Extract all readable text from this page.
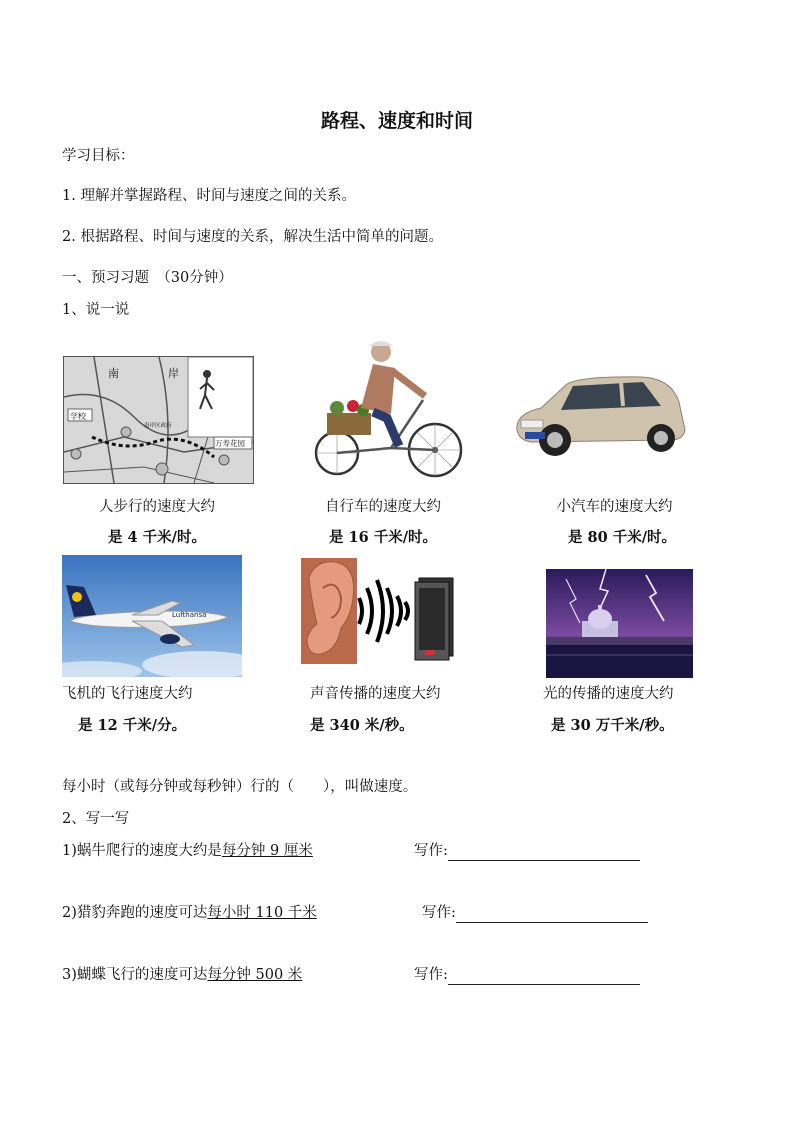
路程、速度和时间
学习目标：
1. 理解并掌握路程、时间与速度之间的关系。
2. 根据路程、时间与速度的关系，解决生活中简单的问题。
一、预习习题　（30分钟）
1、说一说
学校
万寿花园
南岸区政府
南	岸
人步行的速度大约
是 4 千米/时。
自行车的速度大约
是 16 千米/时。
小汽车的速度大约
是 80 千米/时。
Lufthansa
飞机的飞行速度大约
是 12 千米/分。
声音传播的速度大约
是 340 米/秒。
光的传播的速度大约
是 30 万千米/秒。
每小时（或每分钟或每秒钟）行的（　　），叫做速度。
2、写一写
1)蜗牛爬行的速度大约是每分钟 9 厘米	写作:
2)猎豹奔跑的速度可达每小时 110 千米	写作:
3)蝴蝶飞行的速度可达每分钟 500 米	写作:
